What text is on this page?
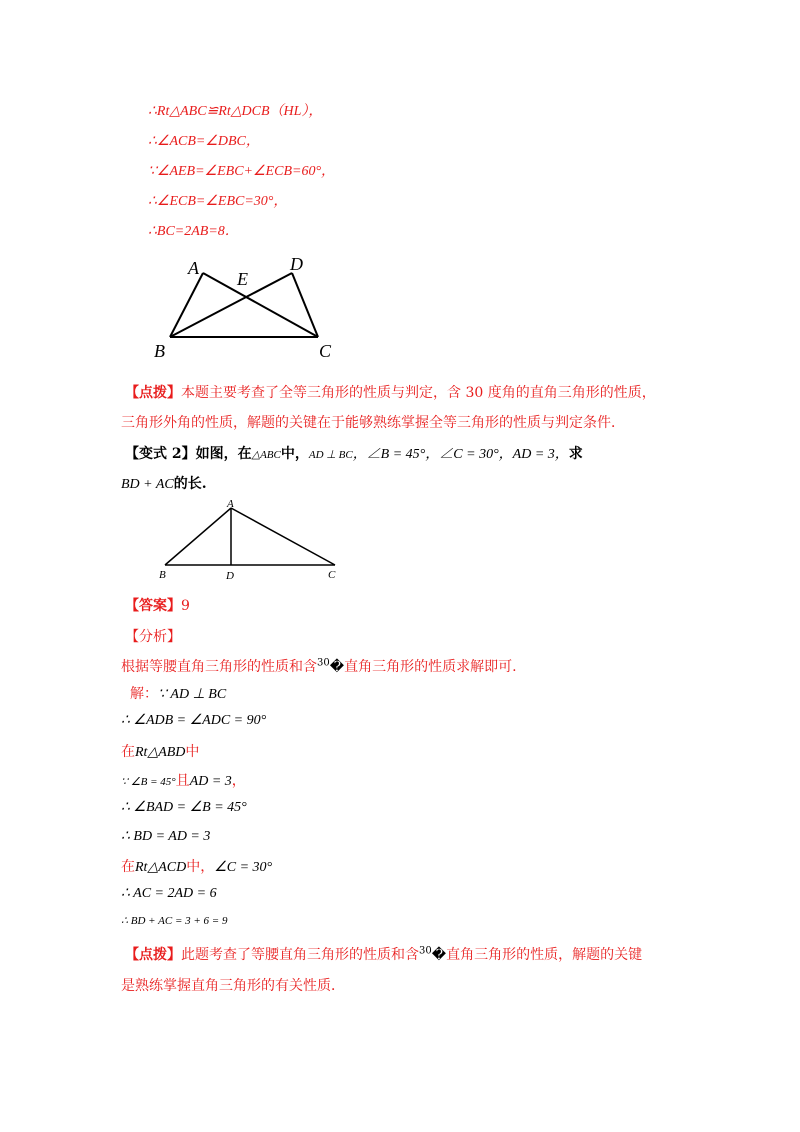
∴Rt△ABC≌Rt△DCB（HL），
∴∠ACB=∠DBC，
∵∠AEB=∠EBC+∠ECB=60°，
∴∠ECB=∠EBC=30°，
∴BC=2AB=8．
A
E
D
B	C
【点拨】本题主要考查了全等三角形的性质与判定，含 30 度角的直角三角形的性质，
三角形外角的性质，解题的关键在于能够熟练掌握全等三角形的性质与判定条件．
【变式 2】如图，在△ABC中，AD ⊥ BC，∠B = 45°，∠C = 30°，AD = 3，求
BD + AC的长.
A
B	D	C
【答案】9
【分析】
根据等腰直角三角形的性质和含$^{30}$�直角三角形的性质求解即可.
解：∵ AD ⊥ BC
∴ ∠ADB = ∠ADC = 90°
在Rt△ABD中
∵ ∠B = 45°且AD = 3，
∴ ∠BAD = ∠B = 45°
∴ BD = AD = 3
在Rt△ACD中，∠C = 30°
∴ AC = 2AD = 6
∴ BD + AC = 3 + 6 = 9
【点拨】此题考查了等腰直角三角形的性质和含$^{30}$�直角三角形的性质，解题的关键
是熟练掌握直角三角形的有关性质．
